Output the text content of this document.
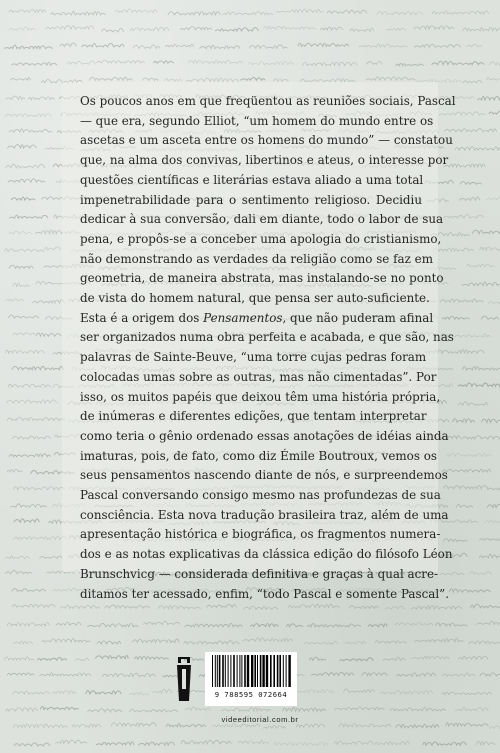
Os poucos anos em que freqüentou as reuniões sociais, Pascal
— que era, segundo Elliot, “um homem do mundo entre os
ascetas e um asceta entre os homens do mundo” — constatou
que, na alma dos convivas, libertinos e ateus, o interesse por
questões científicas e literárias estava aliado a uma total
impenetrabilidade para o sentimento religioso. Decidiu
dedicar à sua conversão, dali em diante, todo o labor de sua
pena, e propôs-se a conceber uma apologia do cristianismo,
não demonstrando as verdades da religião como se faz em
geometria, de maneira abstrata, mas instalando-se no ponto
de vista do homem natural, que pensa ser auto-suficiente.
Esta é a origem dos Pensamentos, que não puderam afinal
ser organizados numa obra perfeita e acabada, e que são, nas
palavras de Sainte-Beuve, “uma torre cujas pedras foram
colocadas umas sobre as outras, mas não cimentadas”. Por
isso, os muitos papéis que deixou têm uma história própria,
de inúmeras e diferentes edições, que tentam interpretar
como teria o gênio ordenado essas anotações de idéias ainda
imaturas, pois, de fato, como diz Émile Boutroux, vemos os
seus pensamentos nascendo diante de nós, e surpreendemos
Pascal conversando consigo mesmo nas profundezas de sua
consciência. Esta nova tradução brasileira traz, além de uma
apresentação histórica e biográfica, os fragmentos numera-
dos e as notas explicativas da clássica edição do filósofo Léon
Brunschvicg — considerada definitiva e graças à qual acre-
ditamos ter acessado, enfim, “todo Pascal e somente Pascal”.
9 788595 072664
videeditorial.com.br
